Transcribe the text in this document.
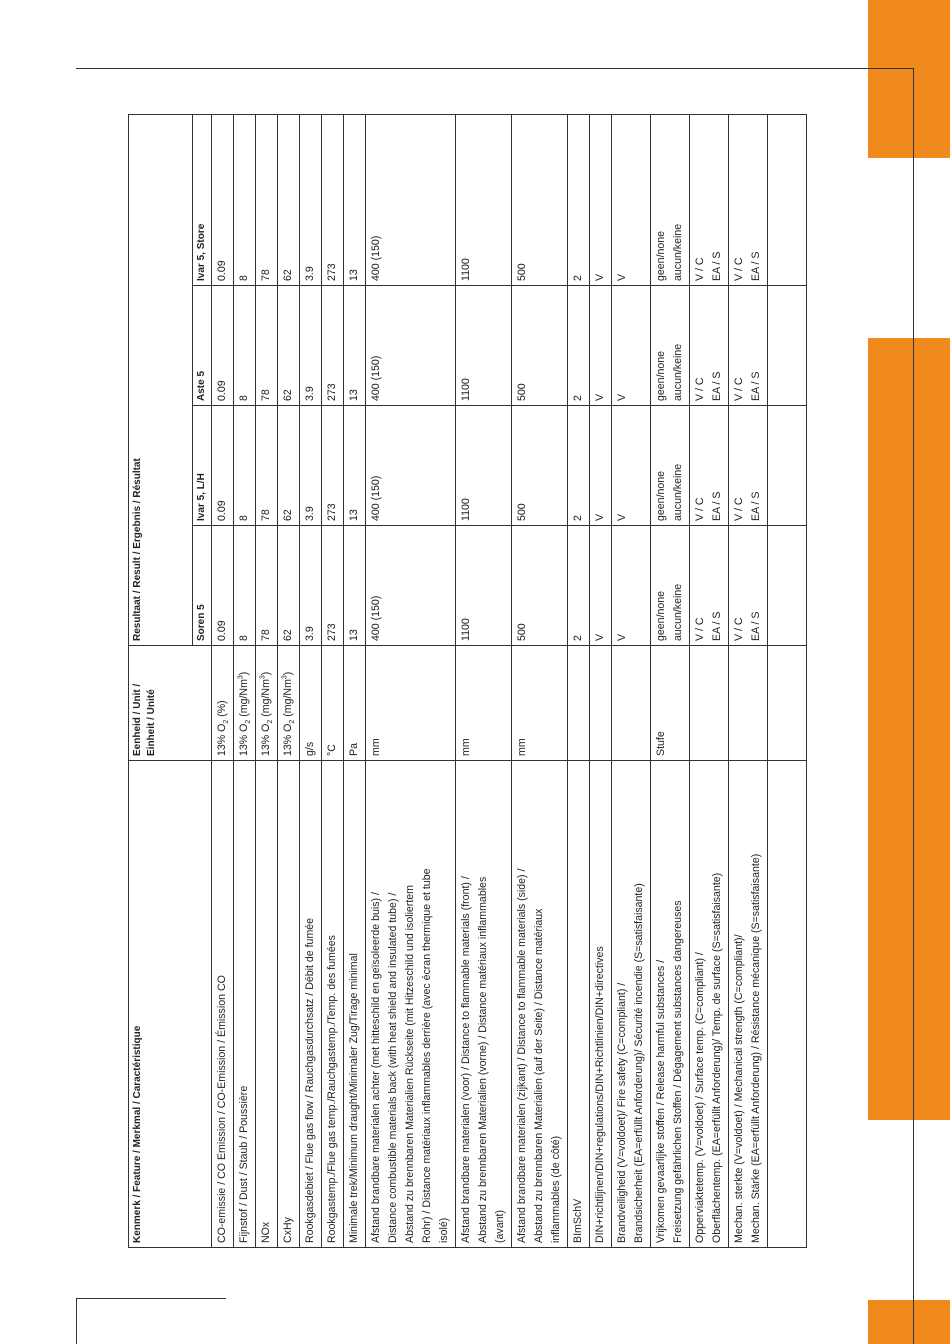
Kenmerk / Feature / Merkmal / Caractéristique	Eenheid / Unit / Einheit / Unité	Resultaat / Result / Ergebnis / Résultat			
		Soren 5	Ivar 5, L/H	Aste 5	Ivar 5, Store

CO-emissie / CO Emission / CO-Emission / Émission CO	13% $O_2$ (%)	0.09	0.09	0.09	0.09

Fijnstof / Dust / Staub / Poussière	13% $O_2$ (mg/Nm$^3$)	8	8	8	8

NOx	13% $O_2$ (mg/Nm$^3$)	78	78	78	78

CxHy	13% $O_2$ (mg/Nm$^3$)	62	62	62	62

Rookgasdebiet / Flue gas flow / Rauchgasdurchsatz / Débit de fumée	g/s	3.9	3.9	3.9	3.9

Rookgastemp./Flue gas temp./Rauchgastemp./Temp. des fumées	°C	273	273	273	273

Minimale trek/Minimum draught/Minimaler Zug/Tirage minimal	Pa	13	13	13	13

Afstand brandbare materialen achter (met hitteschild en geïsoleerde buis) / Distance combustible materials back (with heat shield and insulated tube) / Abstand zu brennbaren Materialien Rückseite (mit Hitzeschild und isoliertem Rohr) / Distance matériaux inflammables derrière (avec écran thermique et tube isolé)	mm	400 (150)	400 (150)	400 (150)	400 (150)

Afstand brandbare materialen (voor) / Distance to flammable materials (front) / Abstand zu brennbaren Materialien (vorne) / Distance matériaux inflammables (avant)	mm	1100	1100	1100	1100

Afstand brandbare materialen (zijkant) / Distance to flammable materials (side) / Abstand zu brennbaren Materialien (auf der Seite) / Distance matériaux inflammables (de côté)	mm	500	500	500	500

BImSchV		2	2	2	2

DIN+richtlijnen/DIN+regulations/DIN+Richtlinien/DIN+directives		V	V	V	V

Brandveiligheid (V=voldoet)/ Fire safety (C=compliant) / Brandsicherheit (EA=erfüllt Anforderung)/ Sécurité incendie (S=satisfaisante)		V	V	V	V

Vrijkomen gevaarlijke stoffen / Release harmful substances / Freisetzung gefährlichen Stoffen / Dégagement substances dangereuses	Stufe	geen/none aucun/keine	geen/none aucun/keine	geen/none aucun/keine	geen/none aucun/keine

Opperviaktetemp. (V=voldoet) / Surface temp. (C=compliant) / Oberflächentemp. (EA=erfüllt Anforderung)/ Temp. de surface (S=satisfaisante)		V / C EA / S	V / C EA / S	V / C EA / S	V / C EA / S

Mechan. sterkte (V=voldoet) / Mechanical strength (C=compliant)/ Mechan. Stärke (EA=erfüllt Anforderung) / Résistance mécanique (S=satisfaisante)		V / C EA / S	V / C EA / S	V / C EA / S	V / C EA / S
